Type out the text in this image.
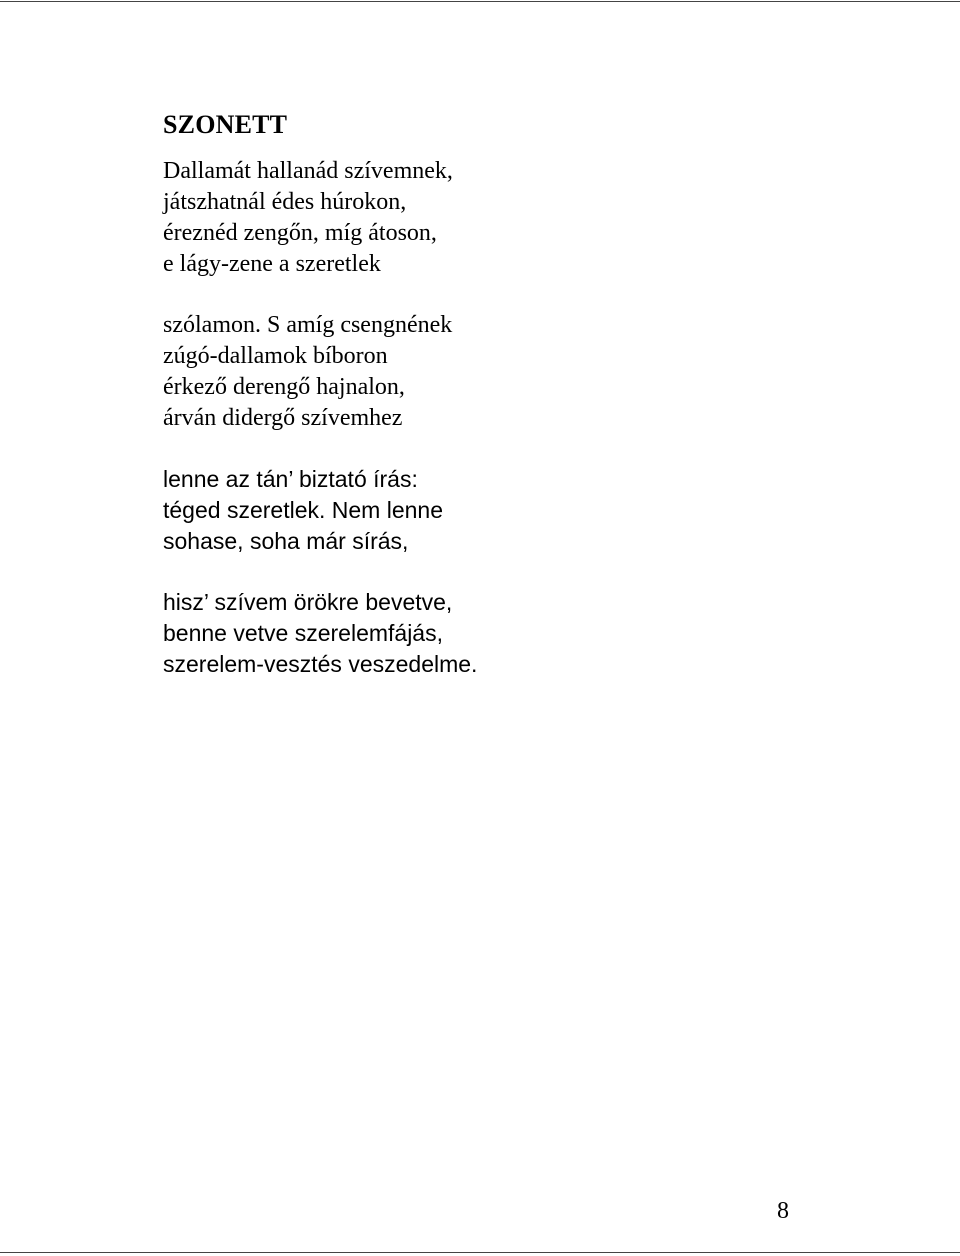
SZONETT
Dallamát hallanád szívemnek,
játszhatnál édes húrokon,
éreznéd zengőn, míg átoson,
e lágy-zene a szeretlek
szólamon. S amíg csengnének
zúgó-dallamok bíboron
érkező derengő hajnalon,
árván didergő szívemhez
lenne az tán’ biztató írás:
téged szeretlek. Nem lenne
sohase, soha már sírás,
hisz’ szívem örökre bevetve,
benne vetve szerelemfájás,
szerelem-vesztés veszedelme.
8
